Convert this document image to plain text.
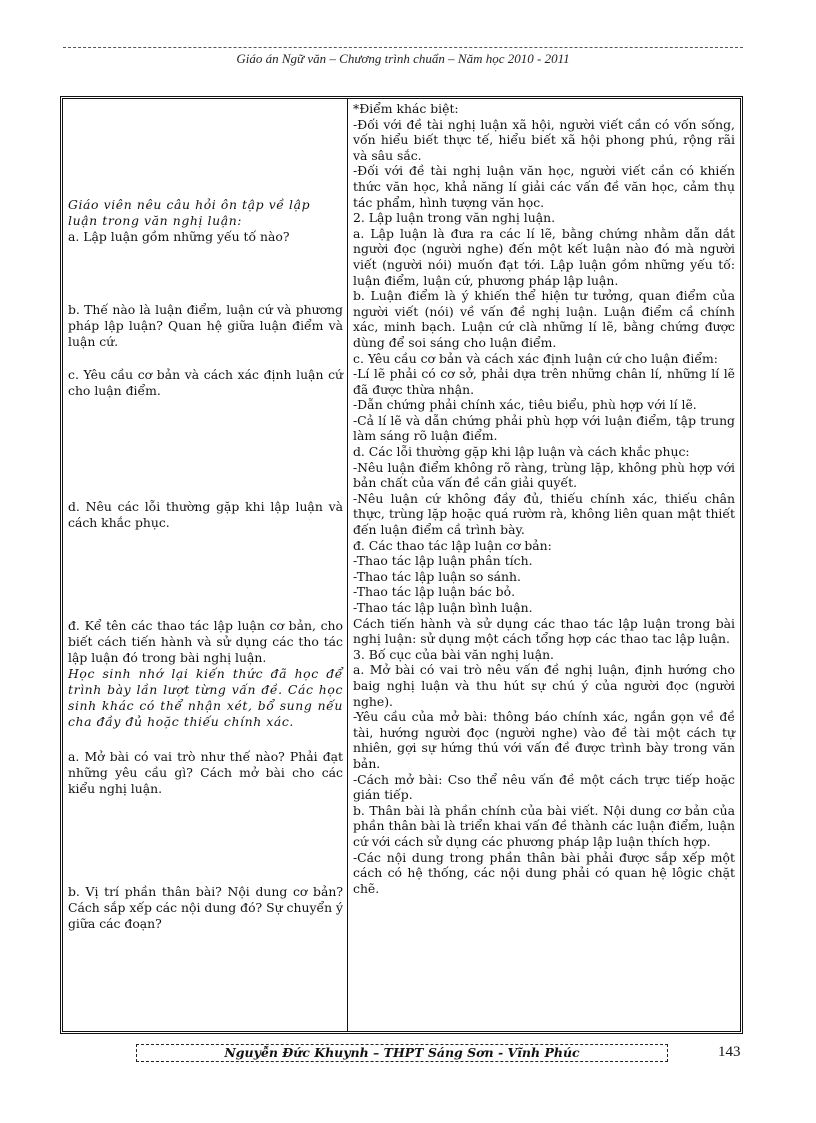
Giáo án Ngữ văn – Chương trình chuẩn – Năm học 2010 - 2011

Giáo viên nêu câu hỏi ôn tập về lập
luận trong văn nghị luận:
a. Lập luận gồm những yếu tố nào?

b. Thế nào là luận điểm, luận cứ và phương pháp lập luận? Quan hệ giữa luận điểm và luận cứ.

c. Yêu cầu cơ bản và cách xác định luận cứ cho luận điểm.

d. Nêu các lỗi thường gặp khi lập luận và cách khắc phục.

đ. Kể tên các thao tác lập luận cơ bản, cho biết cách tiến hành và sử dụng các tho tác lập luận đó trong bài nghị luận.

Học sinh nhớ lại kiến thức đã học để trình bày lần lượt từng vấn đề. Các học sinh khác có thể nhận xét, bổ sung nếu cha đầy đủ hoặc thiếu chính xác.

a. Mở bài có vai trò như thế nào? Phải đạt những yêu cầu gì? Cách mở bài cho các kiểu nghị luận.

b. Vị trí phần thân bài? Nội dung cơ bản? Cách sắp xếp các nội dung đó? Sự chuyển ý giữa các đoạn?

*Điểm khác biệt:

-Đối với đề tài nghị luận xã hội, người viết cần có vốn sống, vốn hiểu biết thực tế, hiểu biết xã hội phong phú, rộng rãi và sâu sắc.

-Đối với đề tài nghị luận văn học, người viết cần có khiến thức văn học, khả năng lí giải các vấn đề văn học, cảm thụ tác phẩm, hình tượng văn học.

2. Lập luận trong văn nghị luận.

a. Lập luận là đưa ra các lí lẽ, bằng chứng nhằm dẫn dắt người đọc (người nghe) đến một kết luận nào đó mà người viết (người nói) muốn đạt tới. Lập luận gồm những yếu tố: luận điểm, luận cứ, phương pháp lập luận.

b. Luận điểm là ý khiến thể hiện tư tưởng, quan điểm của người viết (nói) về vấn đề nghị luận. Luận điểm cầ chính xác, minh bạch. Luận cứ clà những lí lẽ, bằng chứng được dùng để soi sáng cho luận điểm.

c. Yêu cầu cơ bản và cách xác định luận cứ cho luận điểm:

-Lí lẽ phải có cơ sở, phải dựa trên những chân lí, những lí lẽ đã được thừa nhận.

-Dẫn chứng phải chính xác, tiêu biểu, phù hợp với lí lẽ.

-Cả lí lẽ và dẫn chứng phải phù hợp với luận điểm, tập trung làm sáng rõ luận điểm.

d. Các lỗi thường gặp khi lập luận và cách khắc phục:

-Nêu luận điểm không rõ ràng, trùng lặp, không phù hợp với bản chất của vấn đề cần giải quyết.

-Nêu luận cứ không đầy đủ, thiếu chính xác, thiếu chân thực, trùng lặp hoặc quá rườm rà, không liên quan mật thiết đến luận điểm cầ trình bày.

đ. Các thao tác lập luận cơ bản:

-Thao tác lập luận phân tích.

-Thao tác lập luận so sánh.

-Thao tác lập luận bác bỏ.

-Thao tác lập luận bình luận.

Cách tiến hành và sử dụng các thao tác lập luận trong bài nghị luận: sử dụng một cách tổng hợp các thao tac lập luận.

3. Bố cục của bài văn nghị luận.

a. Mở bài có vai trò nêu vấn đề nghị luận, định hướng cho baig nghị luận và thu hút sự chú ý của người đọc (người nghe).

-Yêu cầu của mở bài: thông báo chính xác, ngắn gọn về đề tài, hướng người đọc (người nghe) vào đề tài một cách tự nhiên, gợi sự hứng thú với vấn đề được trình bày trong văn bản.

-Cách mở bài: Cso thể nêu vấn đề một cách trực tiếp hoặc gián tiếp.

b. Thân bài là phần chính của bài viết. Nội dung cơ bản của phần thân bài là triển khai vấn đề thành các luận điểm, luận cứ với cách sử dụng các phương pháp lập luận thích hợp.

-Các nội dung trong phần thân bài phải được sắp xếp một cách có hệ thống, các nội dung phải có quan hệ lôgic chặt chẽ.

Nguyễn Đức Khuynh – THPT Sáng Sơn - Vĩnh Phúc	143
